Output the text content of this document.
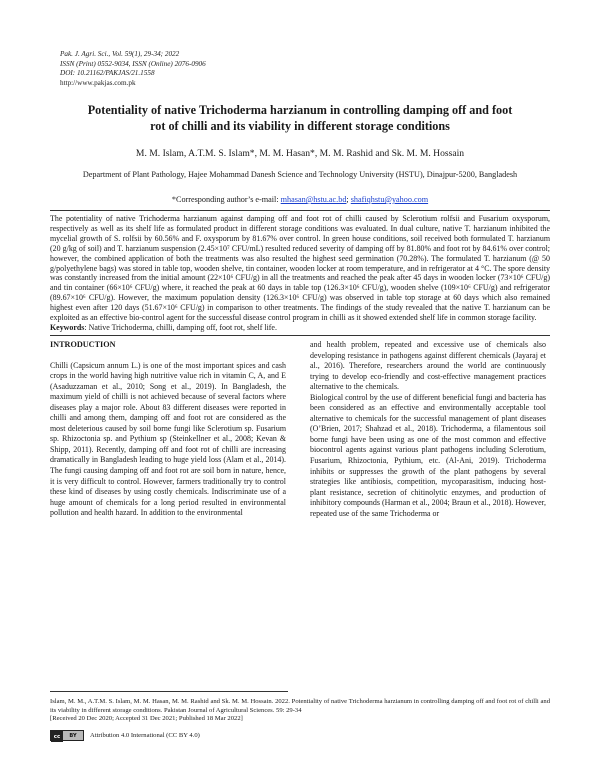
Pak. J. Agri. Sci., Vol. 59(1), 29-34; 2022
ISSN (Print) 0552-9034, ISSN (Online) 2076-0906
DOI: 10.21162/PAKJAS/21.1558
http://www.pakjas.com.pk
Potentiality of native Trichoderma harzianum in controlling damping off and foot
rot of chilli and its viability in different storage conditions
M. M. Islam, A.T.M. S. Islam*, M. M. Hasan*, M. M. Rashid and Sk. M. M. Hossain
Department of Plant Pathology, Hajee Mohammad Danesh Science and Technology University (HSTU), Dinajpur-5200, Bangladesh
*Corresponding author’s e-mail: mhasan@hstu.ac.bd; shafiqhstu@yahoo.com

The potentiality of native Trichoderma harzianum against damping off and foot rot of chilli caused by Sclerotium rolfsii and Fusarium oxysporum, respectively as well as its shelf life as formulated product in different storage conditions was evaluated. In dual culture, native T. harzianum inhibited the mycelial growth of S. rolfsii by 60.56% and F. oxysporum by 81.67% over control. In green house conditions, soil received both formulated T. harzianum (20 g/kg of soil) and T. harzianum suspension (2.45×10⁷ CFU/mL) resulted reduced severity of damping off by 81.80% and foot rot by 84.61% over control; however, the combined application of both the treatments was also resulted the highest seed germination (70.28%). The formulated T. harzianum (@ 50 g/polyethylene bags) was stored in table top, wooden shelve, tin container, wooden locker at room temperature, and in refrigerator at 4 °C. The spore density was constantly increased from the initial amount (22×10⁶ CFU/g) in all the treatments and reached the peak after 45 days in wooden locker (73×10⁶ CFU/g) and tin container (66×10⁶ CFU/g) where, it reached the peak at 60 days in table top (126.3×10⁶ CFU/g), wooden shelve (109×10⁶ CFU/g) and refrigerator (89.67×10⁶ CFU/g). However, the maximum population density (126.3×10⁶ CFU/g) was observed in table top storage at 60 days which also remained highest even after 120 days (51.67×10⁶ CFU/g) in comparison to other treatments. The findings of the study revealed that the native T. harzianum can be exploited as an effective bio-control agent for the successful disease control program in chilli as it showed extended shelf life in common storage facility.

Keywords: Native Trichoderma, chilli, damping off, foot rot, shelf life.

INTRODUCTION

Chilli (Capsicum annum L.) is one of the most important spices and cash crops in the world having high nutritive value rich in vitamin C, A, and E (Asaduzzaman et al., 2010; Song et al., 2019). In Bangladesh, the maximum yield of chilli is not achieved because of several factors where diseases play a major role. About 83 different diseases were reported in chilli and among them, damping off and foot rot are considered as the most deleterious caused by soil borne fungi like Sclerotium sp. Fusarium sp. Rhizoctonia sp. and Pythium sp (Steinkellner et al., 2008; Kevan & Shipp, 2011). Recently, damping off and foot rot of chilli are increasing dramatically in Bangladesh leading to huge yield loss (Alam et al., 2014). The fungi causing damping off and foot rot are soil born in nature, hence, it is very difficult to control. However, farmers traditionally try to control these kind of diseases by using costly chemicals. Indiscriminate use of a huge amount of chemicals for a long period resulted in environmental pollution and health hazard. In addition to the environmental

and health problem, repeated and excessive use of chemicals also developing resistance in pathogens against different chemicals (Jayaraj et al., 2016). Therefore, researchers around the world are continuously trying to develop eco-friendly and cost-effective management practices alternative to the chemicals.

Biological control by the use of different beneficial fungi and bacteria has been considered as an effective and environmentally acceptable tool alternative to chemicals for the successful management of plant diseases (O’Brien, 2017; Shahzad et al., 2018). Trichoderma, a filamentous soil borne fungi have been using as one of the most common and effective biocontrol agents against various plant pathogens including Sclerotium, Fusarium, Rhizoctonia, Pythium, etc. (Al-Ani, 2019). Trichoderma inhibits or suppresses the growth of the plant pathogens by several strategies like antibiosis, competition, mycoparasitism, inducing host-plant resistance, secretion of chitinolytic enzymes, and production of inhibitory compounds (Harman et al., 2004; Braun et al., 2018). However, repeated use of the same Trichoderma or

Islam, M. M., A.T.M. S. Islam, M. M. Hasan, M. M. Rashid and Sk. M. M. Hossain. 2022. Potentiality of native Trichoderma harzianum in controlling damping off and foot rot of chilli and its viability in different storage conditions. Pakistan Journal of Agricultural Sciences. 59: 29-34
[Received 20 Dec 2020; Accepted 31 Dec 2021; Published 18 Mar 2022]
cc	BY	Attribution 4.0 International (CC BY 4.0)
